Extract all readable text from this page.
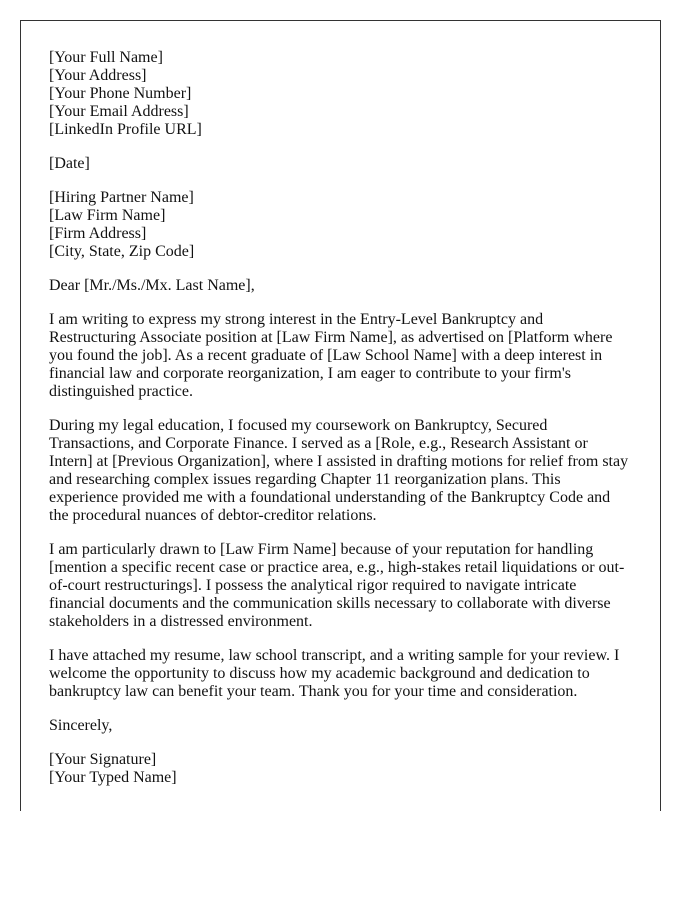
[Your Full Name]
[Your Address]
[Your Phone Number]
[Your Email Address]
[LinkedIn Profile URL]

[Date]

[Hiring Partner Name]
[Law Firm Name]
[Firm Address]
[City, State, Zip Code]

Dear [Mr./Ms./Mx. Last Name],

I am writing to express my strong interest in the Entry-Level Bankruptcy and Restructuring Associate position at [Law Firm Name], as advertised on [Platform where you found the job]. As a recent graduate of [Law School Name] with a deep interest in financial law and corporate reorganization, I am eager to contribute to your firm's distinguished practice.

During my legal education, I focused my coursework on Bankruptcy, Secured Transactions, and Corporate Finance. I served as a [Role, e.g., Research Assistant or Intern] at [Previous Organization], where I assisted in drafting motions for relief from stay and researching complex issues regarding Chapter 11 reorganization plans. This experience provided me with a foundational understanding of the Bankruptcy Code and the procedural nuances of debtor-creditor relations.

I am particularly drawn to [Law Firm Name] because of your reputation for handling [mention a specific recent case or practice area, e.g., high-stakes retail liquidations or out-of-court restructurings]. I possess the analytical rigor required to navigate intricate financial documents and the communication skills necessary to collaborate with diverse stakeholders in a distressed environment.

I have attached my resume, law school transcript, and a writing sample for your review. I welcome the opportunity to discuss how my academic background and dedication to bankruptcy law can benefit your team. Thank you for your time and consideration.

Sincerely,

[Your Signature]
[Your Typed Name]
